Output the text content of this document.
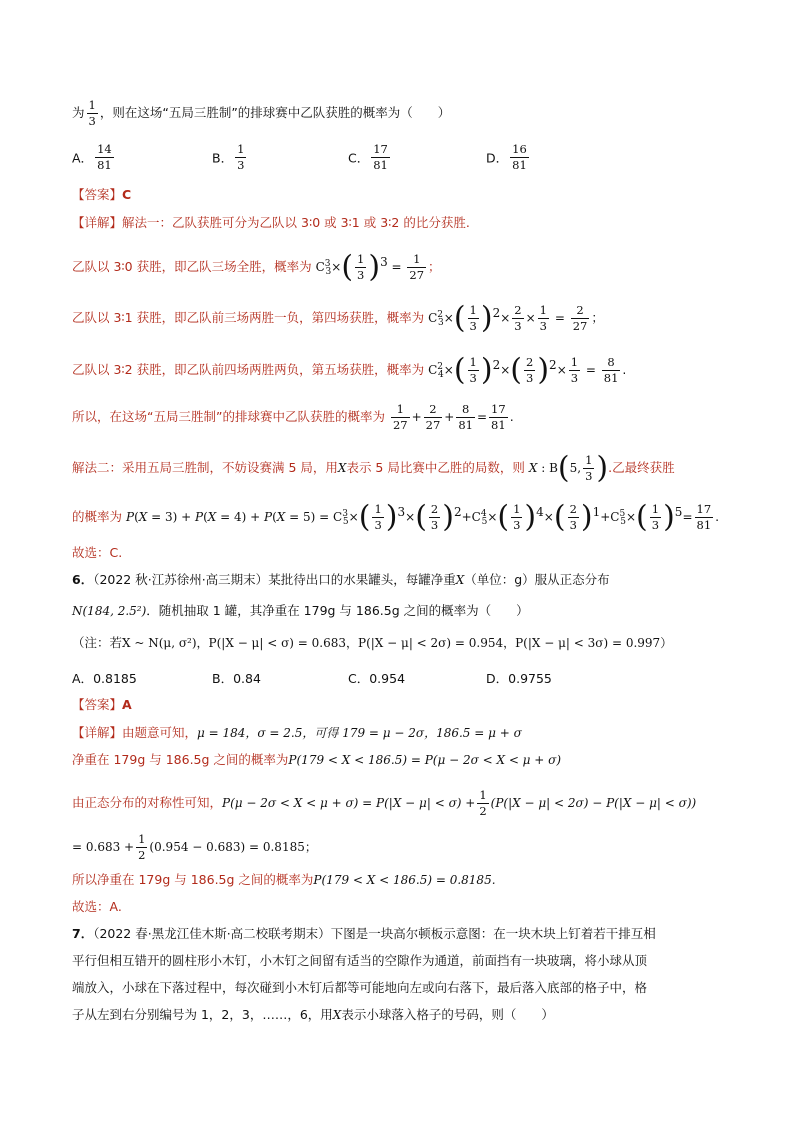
为 $\frac{1}{3}$ ，则在这场“五局三胜制”的排球赛中乙队获胜的概率为（　　）
A． $\frac{14}{81}$	B． $\frac{1}{3}$	C． $\frac{17}{81}$	D． $\frac{16}{81}$
【答案】C
【详解】解法一：乙队获胜可分为乙队以 3∶0 或 3∶1 或 3∶2 的比分获胜.
乙队以 3∶0 获胜，即乙队三场全胜，概率为 $C^3_3\times( \frac{1}{3} )^3 = \frac{1}{27}$ ；
乙队以 3∶1 获胜，即乙队前三场两胜一负，第四场获胜，概率为 $C^2_3\times( \frac{1}{3} )^2\times \frac{2}{3} \times \frac{1}{3} = \frac{2}{27}$ ；
乙队以 3∶2 获胜，即乙队前四场两胜两负，第五场获胜，概率为 $C^2_4\times( \frac{1}{3} )^2\times( \frac{2}{3} )^2\times \frac{1}{3} = \frac{8}{81}$ .
所以，在这场“五局三胜制”的排球赛中乙队获胜的概率为 $\frac{1}{27} + \frac{2}{27} + \frac{8}{81} = \frac{17}{81}$ .
解法二：采用五局三胜制，不妨设赛满 5 局，用X表示 5 局比赛中乙胜的局数，则 X : B(5, $\frac{1}{3}$ ).乙最终获胜
的概率为 $P(X = 3) + P(X = 4) + P(X = 5) = C^3_5\times( \frac{1}{3} )^3\times( \frac{2}{3} )^2+C^4_5\times( \frac{1}{3} )^4\times( \frac{2}{3} )^1+C^5_5\times( \frac{1}{3} )^5= \frac{17}{81}$ .
故选：C.
6．（2022 秋·江苏徐州·高三期末）某批待出口的水果罐头，每罐净重X（单位：g）服从正态分布
N(184, 2.5²)．随机抽取 1 罐，其净重在 179g 与 186.5g 之间的概率为（　　）
（注：若X ~ N(μ, σ²)，P(|X − μ| < σ) = 0.683，P(|X − μ| < 2σ) = 0.954，P(|X − μ| < 3σ) = 0.997）
A．0.8185	B．0.84	C．0.954	D．0.9755
【答案】A
【详解】由题意可知，μ = 184，σ = 2.5，可得 179 = μ − 2σ，186.5 = μ + σ
净重在 179g 与 186.5g 之间的概率为P(179 < X < 186.5) = P(μ − 2σ < X < μ + σ)
由正态分布的对称性可知，$P(\mu - 2\sigma < X < \mu + \sigma) = P(|X - \mu| < \sigma) + \frac{1}{2} (P(|X - \mu| < 2\sigma) - P(|X - \mu| < \sigma))$
= $0.683 + \frac{1}{2} (0.954 - 0.683) = 0.8185$；
所以净重在 179g 与 186.5g 之间的概率为P(179 < X < 186.5) = 0.8185.
故选：A.
7．（2022 春·黑龙江佳木斯·高二校联考期末）下图是一块高尔顿板示意图：在一块木块上钉着若干排互相
平行但相互错开的圆柱形小木钉，小木钉之间留有适当的空隙作为通道，前面挡有一块玻璃，将小球从顶
端放入，小球在下落过程中，每次碰到小木钉后都等可能地向左或向右落下，最后落入底部的格子中，格
子从左到右分别编号为 1，2，3，……，6，用X表示小球落入格子的号码，则（　　）
